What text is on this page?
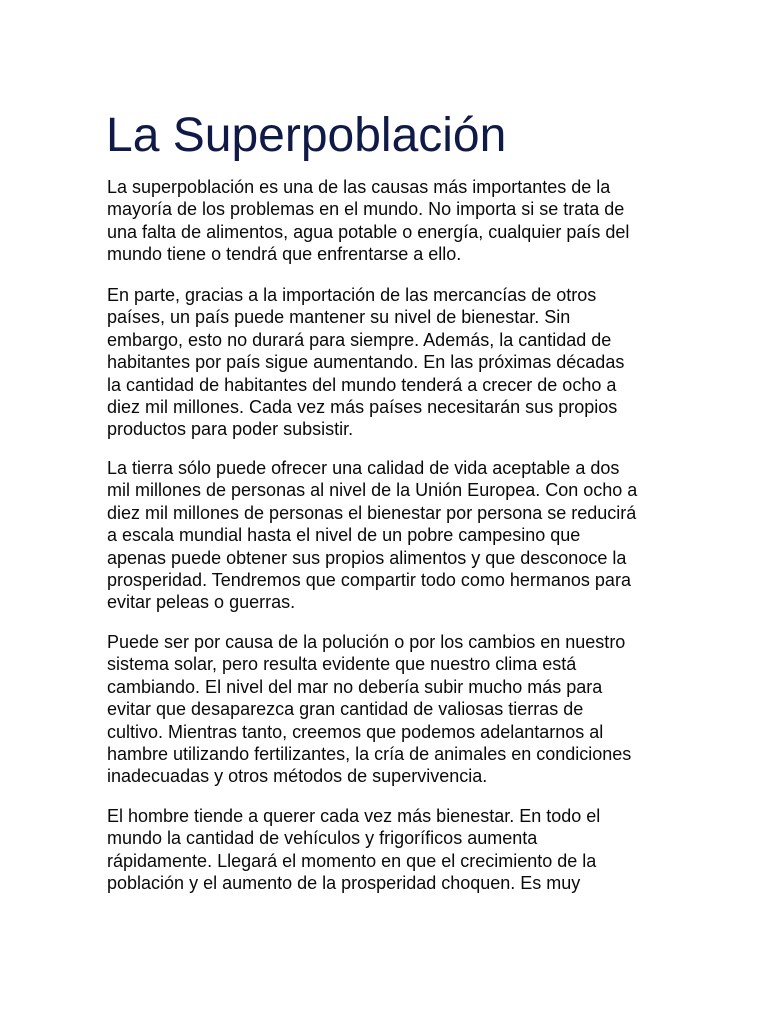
La Superpoblación

La superpoblación es una de las causas más importantes de la
mayoría de los problemas en el mundo. No importa si se trata de
una falta de alimentos, agua potable o energía, cualquier país del
mundo tiene o tendrá que enfrentarse a ello.

En parte, gracias a la importación de las mercancías de otros
países, un país puede mantener su nivel de bienestar. Sin
embargo, esto no durará para siempre. Además, la cantidad de
habitantes por país sigue aumentando. En las próximas décadas
la cantidad de habitantes del mundo tenderá a crecer de ocho a
diez mil millones. Cada vez más países necesitarán sus propios
productos para poder subsistir.

La tierra sólo puede ofrecer una calidad de vida aceptable a dos
mil millones de personas al nivel de la Unión Europea. Con ocho a
diez mil millones de personas el bienestar por persona se reducirá
a escala mundial hasta el nivel de un pobre campesino que
apenas puede obtener sus propios alimentos y que desconoce la
prosperidad. Tendremos que compartir todo como hermanos para
evitar peleas o guerras.

Puede ser por causa de la polución o por los cambios en nuestro
sistema solar, pero resulta evidente que nuestro clima está
cambiando. El nivel del mar no debería subir mucho más para
evitar que desaparezca gran cantidad de valiosas tierras de
cultivo. Mientras tanto, creemos que podemos adelantarnos al
hambre utilizando fertilizantes, la cría de animales en condiciones
inadecuadas y otros métodos de supervivencia.

El hombre tiende a querer cada vez más bienestar. En todo el
mundo la cantidad de vehículos y frigoríficos aumenta
rápidamente. Llegará el momento en que el crecimiento de la
población y el aumento de la prosperidad choquen. Es muy
